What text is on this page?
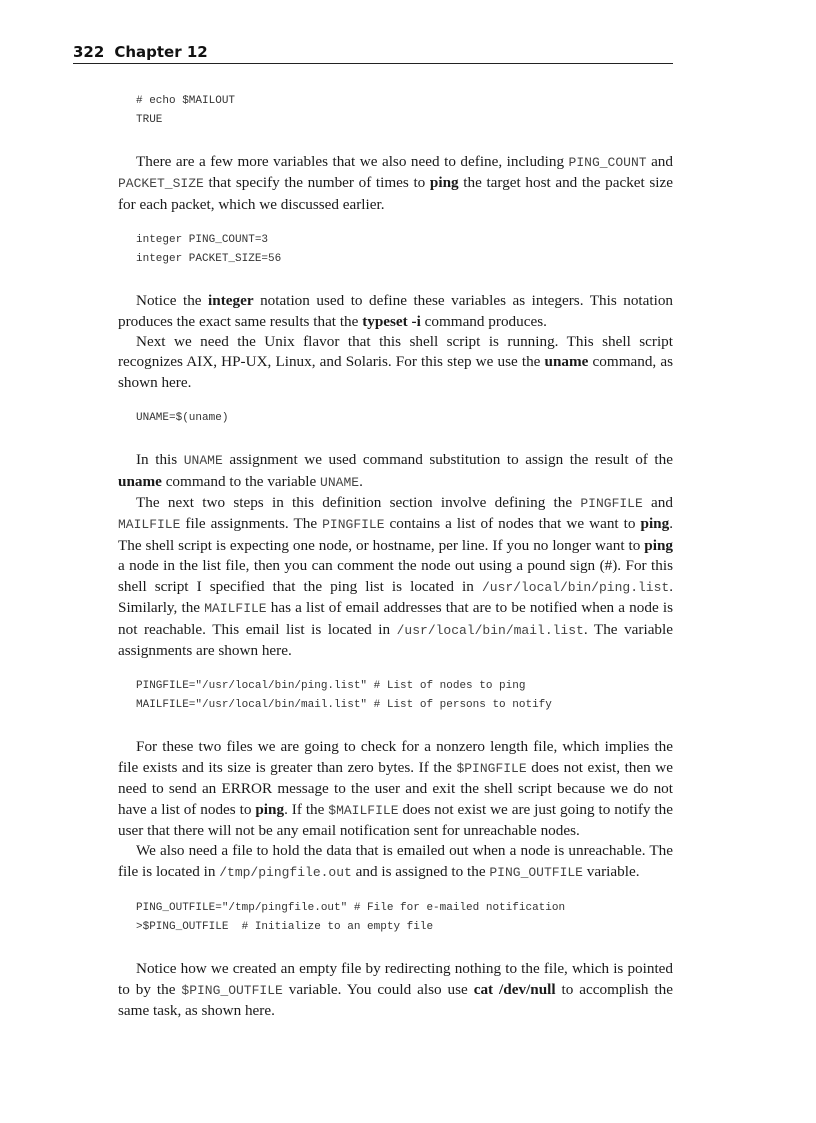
322 Chapter 12
# echo $MAILOUT
TRUE

There are a few more variables that we also need to define, including PING_COUNT and PACKET_SIZE that specify the number of times to ping the target host and the packet size for each packet, which we discussed earlier.

integer PING_COUNT=3
integer PACKET_SIZE=56

Notice the integer notation used to define these variables as integers. This notation produces the exact same results that the typeset -i command produces.

Next we need the Unix flavor that this shell script is running. This shell script recognizes AIX, HP-UX, Linux, and Solaris. For this step we use the uname command, as shown here.

UNAME=$(uname)

In this UNAME assignment we used command substitution to assign the result of the uname command to the variable UNAME.

The next two steps in this definition section involve defining the PINGFILE and MAILFILE file assignments. The PINGFILE contains a list of nodes that we want to ping. The shell script is expecting one node, or hostname, per line. If you no longer want to ping a node in the list file, then you can comment the node out using a pound sign (#). For this shell script I specified that the ping list is located in /usr/local/bin/ping.list. Similarly, the MAILFILE has a list of email addresses that are to be notified when a node is not reachable. This email list is located in /usr/local/bin/mail.list. The variable assignments are shown here.

PINGFILE="/usr/local/bin/ping.list" # List of nodes to ping
MAILFILE="/usr/local/bin/mail.list" # List of persons to notify

For these two files we are going to check for a nonzero length file, which implies the file exists and its size is greater than zero bytes. If the $PINGFILE does not exist, then we need to send an ERROR message to the user and exit the shell script because we do not have a list of nodes to ping. If the $MAILFILE does not exist we are just going to notify the user that there will not be any email notification sent for unreachable nodes.

We also need a file to hold the data that is emailed out when a node is unreachable. The file is located in /tmp/pingfile.out and is assigned to the PING_OUTFILE variable.

PING_OUTFILE="/tmp/pingfile.out" # File for e-mailed notification
>$PING_OUTFILE  # Initialize to an empty file

Notice how we created an empty file by redirecting nothing to the file, which is pointed to by the $PING_OUTFILE variable. You could also use cat /dev/null to accomplish the same task, as shown here.
